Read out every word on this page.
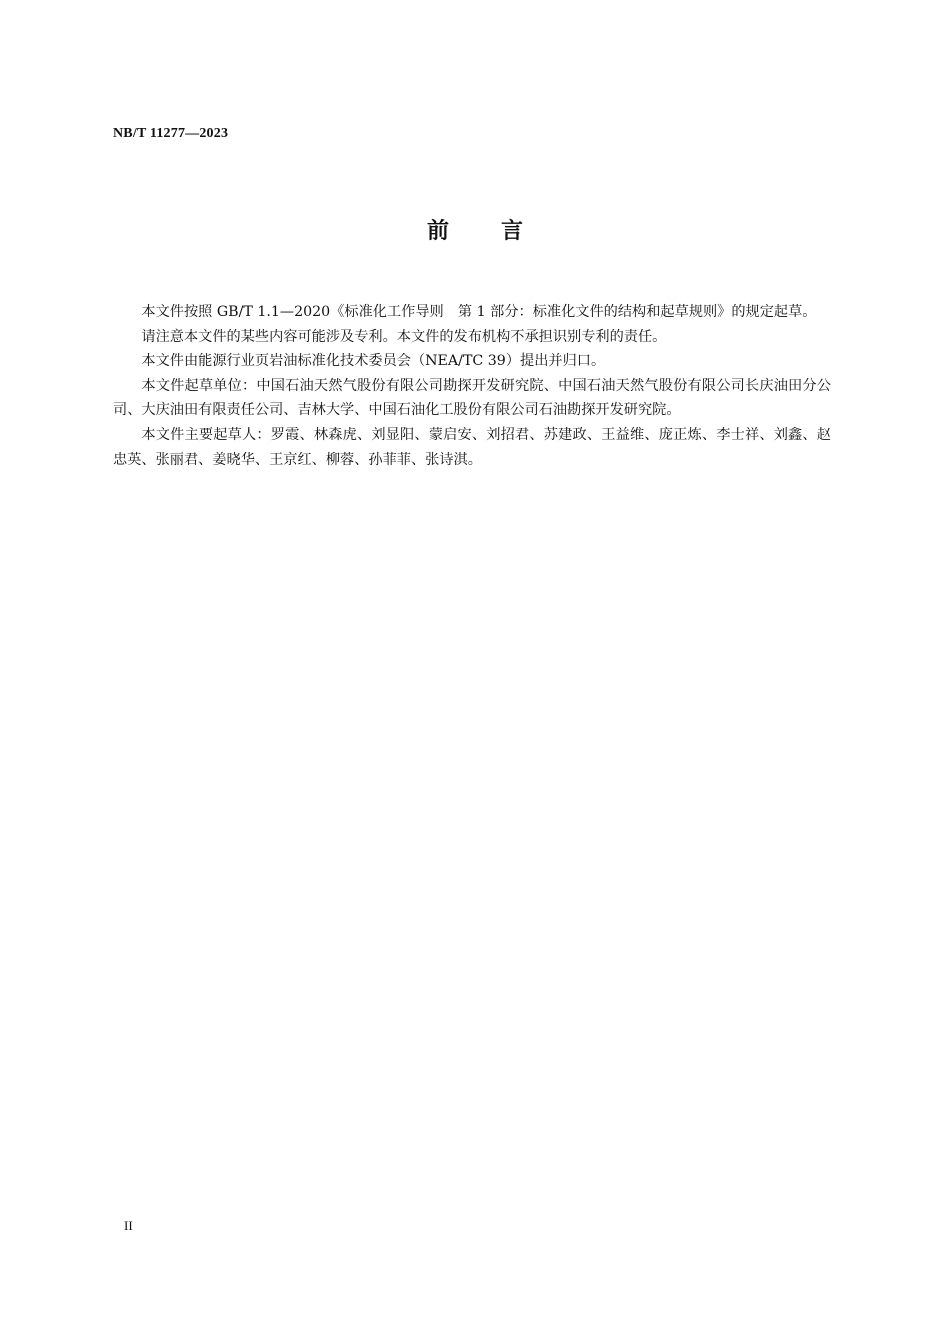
NB/T 11277—2023
前言

本文件按照 GB/T 1.1—2020《标准化工作导则　第 1 部分：标准化文件的结构和起草规则》的规定起草。

请注意本文件的某些内容可能涉及专利。本文件的发布机构不承担识别专利的责任。

本文件由能源行业页岩油标准化技术委员会（NEA/TC 39）提出并归口。

本文件起草单位：中国石油天然气股份有限公司勘探开发研究院、中国石油天然气股份有限公司长庆油田分公司、大庆油田有限责任公司、吉林大学、中国石油化工股份有限公司石油勘探开发研究院。

本文件主要起草人：罗霞、林森虎、刘显阳、蒙启安、刘招君、苏建政、王益维、庞正炼、李士祥、刘鑫、赵忠英、张丽君、姜晓华、王京红、柳蓉、孙菲菲、张诗淇。

II
